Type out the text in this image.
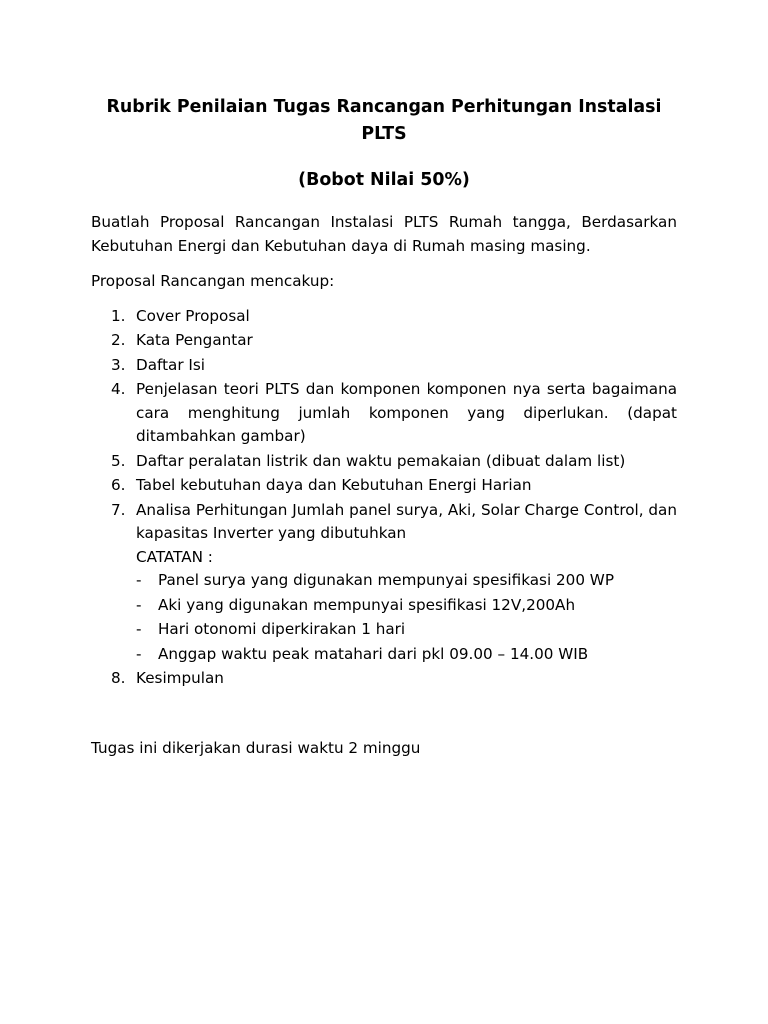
Rubrik Penilaian Tugas Rancangan Perhitungan Instalasi PLTS

(Bobot Nilai 50%)

Buatlah Proposal Rancangan Instalasi PLTS Rumah tangga, Berdasarkan Kebutuhan Energi dan Kebutuhan daya di Rumah masing masing.

Proposal Rancangan mencakup:

1. Cover Proposal
2. Kata Pengantar
3. Daftar Isi
4. Penjelasan teori PLTS dan komponen komponen nya serta bagaimana cara menghitung jumlah komponen yang diperlukan. (dapat ditambahkan gambar)
5. Daftar peralatan listrik dan waktu pemakaian (dibuat dalam list)
6. Tabel kebutuhan daya dan Kebutuhan Energi Harian
7. Analisa Perhitungan Jumlah panel surya, Aki, Solar Charge Control, dan kapasitas Inverter yang dibutuhkan
CATATAN :
- Panel surya yang digunakan mempunyai spesifikasi 200 WP
- Aki yang digunakan mempunyai spesifikasi 12V,200Ah
- Hari otonomi diperkirakan 1 hari
- Anggap waktu peak matahari dari pkl 09.00 – 14.00 WIB
8. Kesimpulan

Tugas ini dikerjakan durasi waktu 2 minggu
